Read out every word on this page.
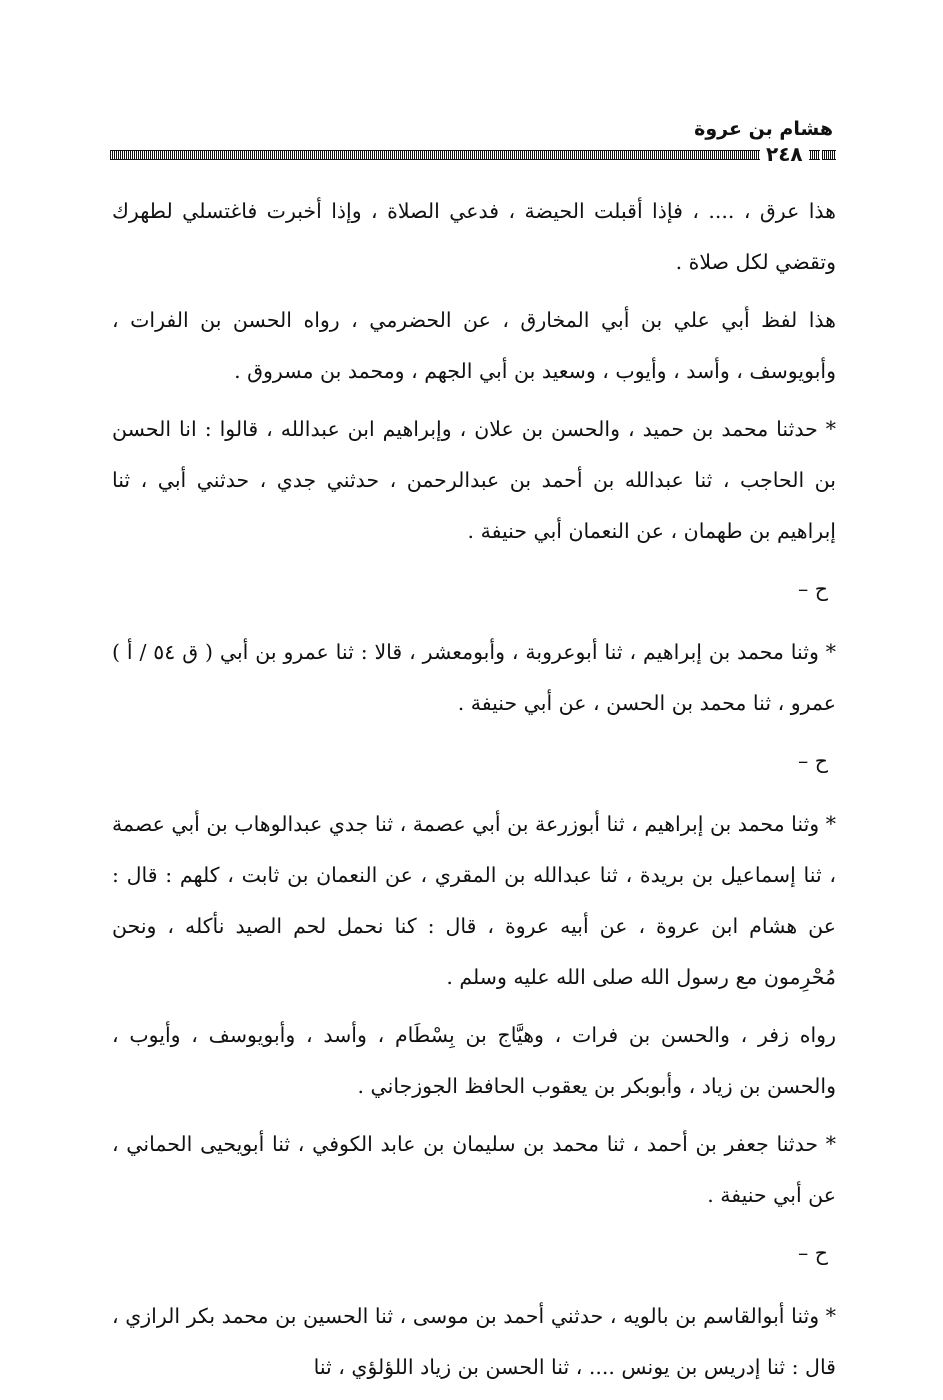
هشام بن عروة
٢٤٨

هذا عرق ، .... ، فإذا أقبلت الحيضة ، فدعي الصلاة ، وإذا أخبرت فاغتسلي لطهرك وتقضي لكل صلاة .

هذا لفظ أبي علي بن أبي المخارق ، عن الحضرمي ، رواه الحسن بن الفرات ، وأبويوسف ، وأسد ، وأيوب ، وسعيد بن أبي الجهم ، ومحمد بن مسروق .

* حدثنا محمد بن حميد ، والحسن بن علان ، وإبراهيم ابن عبدالله ، قالوا : انا الحسن بن الحاجب ، ثنا عبدالله بن أحمد بن عبدالرحمن ، حدثني جدي ، حدثني أبي ، ثنا إبراهيم بن طهمان ، عن النعمان أبي حنيفة .

ح –

* وثنا محمد بن إبراهيم ، ثنا أبوعروبة ، وأبومعشر ، قالا : ثنا عمرو بن أبي ( ق ٥٤ / أ ) عمرو ، ثنا محمد بن الحسن ، عن أبي حنيفة .

ح –

* وثنا محمد بن إبراهيم ، ثنا أبوزرعة بن أبي عصمة ، ثنا جدي عبدالوهاب بن أبي عصمة ، ثنا إسماعيل بن بريدة ، ثنا عبدالله بن المقري ، عن النعمان بن ثابت ، كلهم : قال : عن هشام ابن عروة ، عن أبيه عروة ، قال : كنا نحمل لحم الصيد نأكله ، ونحن مُحْرِمون مع رسول الله صلى الله عليه وسلم .

رواه زفر ، والحسن بن فرات ، وهيَّاج بن بِسْطَام ، وأسد ، وأبويوسف ، وأيوب ، والحسن بن زياد ، وأبوبكر بن يعقوب الحافظ الجوزجاني .

* حدثنا جعفر بن أحمد ، ثنا محمد بن سليمان بن عابد الكوفي ، ثنا أبويحيى الحماني ، عن أبي حنيفة .

ح –

* وثنا أبوالقاسم بن بالويه ، حدثني أحمد بن موسى ، ثنا الحسين بن محمد بكر الرازي ، قال : ثنا إدريس بن يونس .... ، ثنا الحسن بن زياد اللؤلؤي ، ثنا
